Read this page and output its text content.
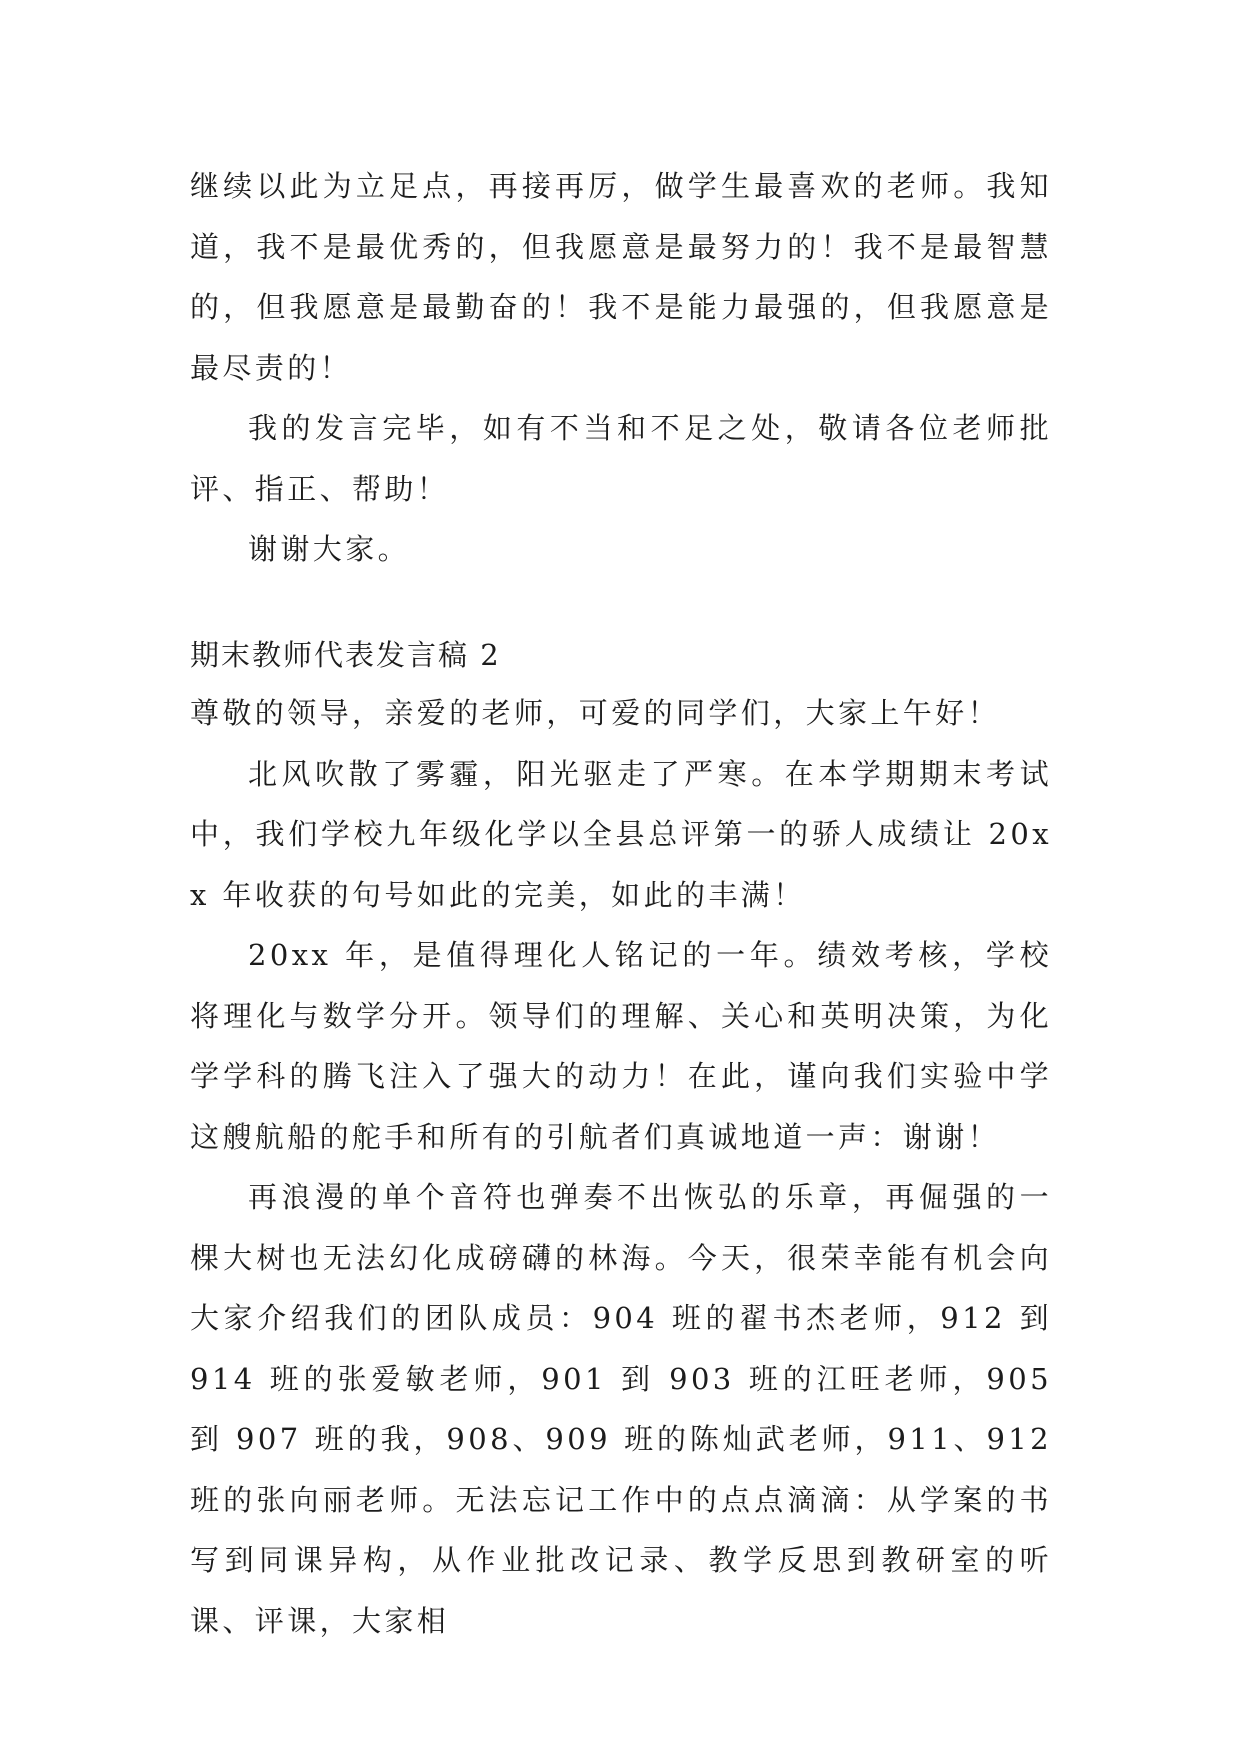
继续以此为立足点，再接再厉，做学生最喜欢的老师。我知道，我不是最优秀的，但我愿意是最努力的！我不是最智慧的，但我愿意是最勤奋的！我不是能力最强的，但我愿意是最尽责的！

我的发言完毕，如有不当和不足之处，敬请各位老师批评、指正、帮助！

谢谢大家。

期末教师代表发言稿 2

尊敬的领导，亲爱的老师，可爱的同学们，大家上午好！

北风吹散了雾霾，阳光驱走了严寒。在本学期期末考试中，我们学校九年级化学以全县总评第一的骄人成绩让 20xx 年收获的句号如此的完美，如此的丰满！

20xx 年，是值得理化人铭记的一年。绩效考核，学校将理化与数学分开。领导们的理解、关心和英明决策，为化学学科的腾飞注入了强大的动力！在此，谨向我们实验中学这艘航船的舵手和所有的引航者们真诚地道一声：谢谢！

再浪漫的单个音符也弹奏不出恢弘的乐章，再倔强的一棵大树也无法幻化成磅礴的林海。今天，很荣幸能有机会向大家介绍我们的团队成员：904 班的翟书杰老师，912 到 914 班的张爱敏老师，901 到 903 班的江旺老师，905 到 907 班的我，908、909 班的陈灿武老师，911、912 班的张向丽老师。无法忘记工作中的点点滴滴：从学案的书写到同课异构，从作业批改记录、教学反思到教研室的听课、评课，大家相
